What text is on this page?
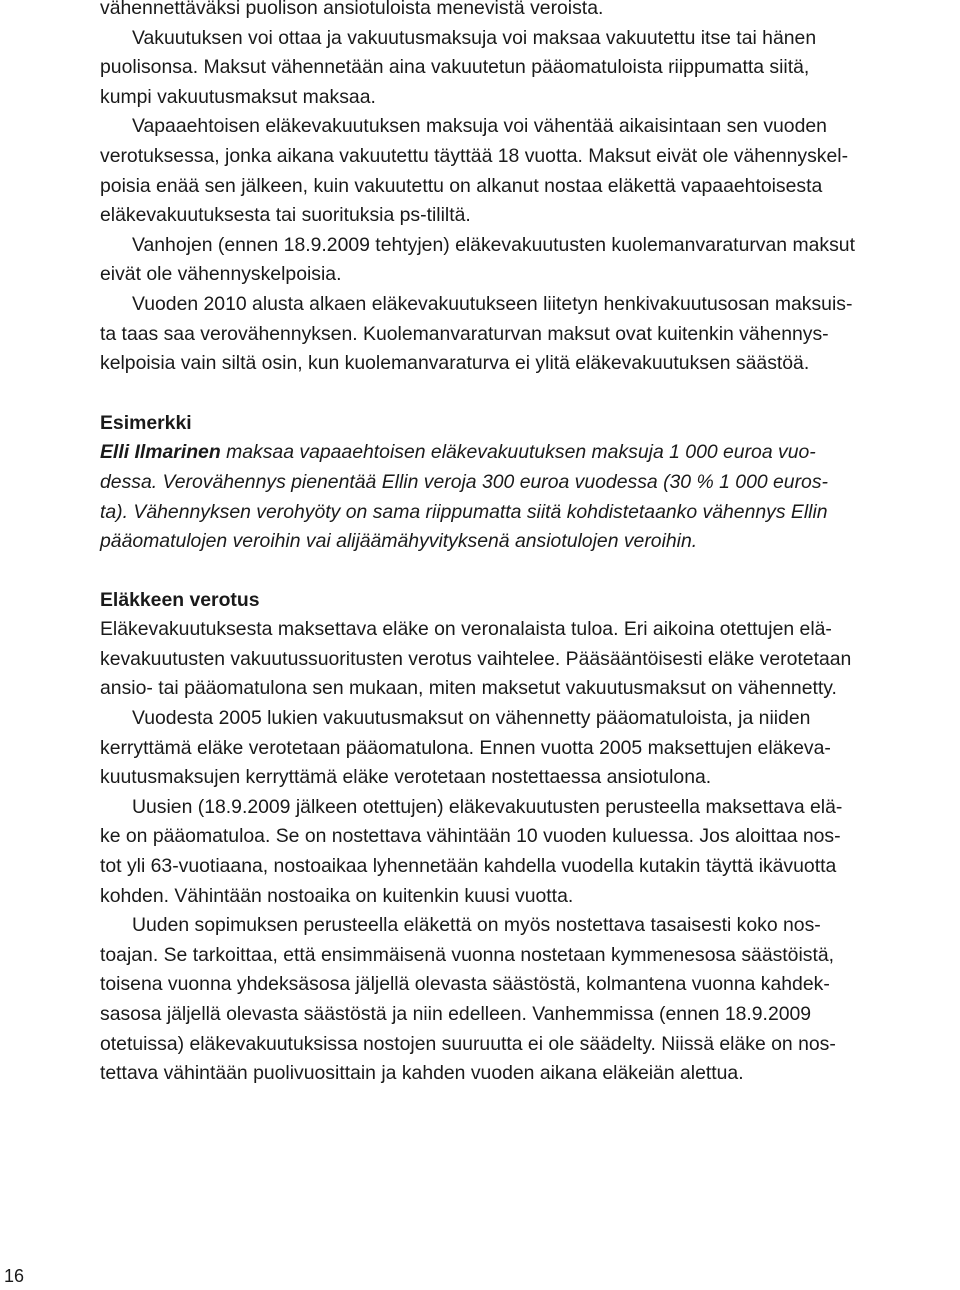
vähennettäväksi puolison ansiotuloista menevistä veroista.
Vakuutuksen voi ottaa ja vakuutusmaksuja voi maksaa vakuutettu itse tai hänen
puolisonsa. Maksut vähennetään aina vakuutetun pääomatuloista riippumatta siitä,
kumpi vakuutusmaksut maksaa.
Vapaaehtoisen eläkevakuutuksen maksuja voi vähentää aikaisintaan sen vuoden
verotuksessa, jonka aikana vakuutettu täyttää 18 vuotta. Maksut eivät ole vähennyskel-
poisia enää sen jälkeen, kuin vakuutettu on alkanut nostaa eläkettä vapaaehtoisesta
eläkevakuutuksesta tai suorituksia ps-tililtä.
Vanhojen (ennen 18.9.2009 tehtyjen) eläkevakuutusten kuolemanvaraturvan maksut
eivät ole vähennyskelpoisia.
Vuoden 2010 alusta alkaen eläkevakuutukseen liitetyn henkivakuutusosan maksuis-
ta taas saa verovähennyksen. Kuolemanvaraturvan maksut ovat kuitenkin vähennys-
kelpoisia vain siltä osin, kun kuolemanvaraturva ei ylitä eläkevakuutuksen säästöä.
Esimerkki
Elli Ilmarinen maksaa vapaaehtoisen eläkevakuutuksen maksuja 1 000 euroa vuo-
dessa. Verovähennys pienentää Ellin veroja 300 euroa vuodessa (30 % 1 000 euros-
ta). Vähennyksen verohyöty on sama riippumatta siitä kohdistetaanko vähennys Ellin
pääomatulojen veroihin vai alijäämähyvityksenä ansiotulojen veroihin.
Eläkkeen verotus
Eläkevakuutuksesta maksettava eläke on veronalaista tuloa. Eri aikoina otettujen elä-
kevakuutusten vakuutussuoritusten verotus vaihtelee. Pääsääntöisesti eläke verotetaan
ansio- tai pääomatulona sen mukaan, miten maksetut vakuutusmaksut on vähennetty.
Vuodesta 2005 lukien vakuutusmaksut on vähennetty pääomatuloista, ja niiden
kerryttämä eläke verotetaan pääomatulona. Ennen vuotta 2005 maksettujen eläkeva-
kuutusmaksujen kerryttämä eläke verotetaan nostettaessa ansiotulona.
Uusien (18.9.2009 jälkeen otettujen) eläkevakuutusten perusteella maksettava elä-
ke on pääomatuloa. Se on nostettava vähintään 10 vuoden kuluessa. Jos aloittaa nos-
tot yli 63-vuotiaana, nostoaikaa lyhennetään kahdella vuodella kutakin täyttä ikävuotta
kohden. Vähintään nostoaika on kuitenkin kuusi vuotta.
Uuden sopimuksen perusteella eläkettä on myös nostettava tasaisesti koko nos-
toajan. Se tarkoittaa, että ensimmäisenä vuonna nostetaan kymmenesosa säästöistä,
toisena vuonna yhdeksäsosa jäljellä olevasta säästöstä, kolmantena vuonna kahdek-
sasosa jäljellä olevasta säästöstä ja niin edelleen. Vanhemmissa (ennen 18.9.2009
otetuissa) eläkevakuutuksissa nostojen suuruutta ei ole säädelty. Niissä eläke on nos-
tettava vähintään puolivuosittain ja kahden vuoden aikana eläkeiän alettua.
16
